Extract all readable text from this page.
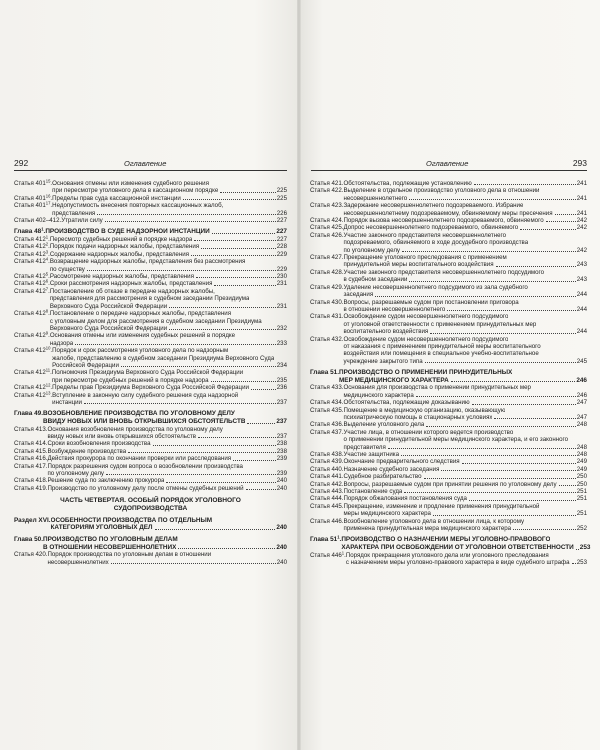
292	Оглавление
Статья $401^{15}$. Основания отмены или изменения судебного решения
при пересмотре уголовного дела в кассационном порядке	225
Статья $401^{16}$. Пределы прав суда кассационной инстанции	225
Статья $401^{17}$. Недопустимость внесения повторных кассационных жалоб,
представления	226
Статьи 402–412. Утратили силу	227
Глава $48^1$. ПРОИЗВОДСТВО В СУДЕ НАДЗОРНОЙ ИНСТАНЦИИ	227
Статья $412^1$. Пересмотр судебных решений в порядке надзора	227
Статья $412^2$. Порядок подачи надзорных жалобы, представления	228
Статья $412^3$. Содержание надзорных жалобы, представления	229
Статья $412^4$. Возвращение надзорных жалобы, представления без рассмотрения
по существу	229
Статья $412^5$. Рассмотрение надзорных жалобы, представления	230
Статья $412^6$. Сроки рассмотрения надзорных жалобы, представления	231
Статья $412^7$. Постановление об отказе в передаче надзорных жалобы,
представления для рассмотрения в судебном заседании Президиума
Верховного Суда Российской Федерации	231
Статья $412^8$. Постановление о передаче надзорных жалобы, представления
с уголовным делом для рассмотрения в судебном заседании Президиума
Верховного Суда Российской Федерации	232
Статья $412^9$. Основания отмены или изменения судебных решений в порядке
надзора	233
Статья $412^{10}$. Порядок и срок рассмотрения уголовного дела по надзорным
жалобе, представлению в судебном заседании Президиума Верховного Суда
Российской Федерации	234
Статья $412^{11}$. Полномочия Президиума Верховного Суда Российской Федерации
при пересмотре судебных решений в порядке надзора	235
Статья $412^{12}$. Пределы прав Президиума Верховного Суда Российской Федерации	236
Статья $412^{13}$. Вступление в законную силу судебного решения суда надзорной
инстанции	237
Глава 49. ВОЗОБНОВЛЕНИЕ ПРОИЗВОДСТВА ПО УГОЛОВНОМУ ДЕЛУ
ВВИДУ НОВЫХ ИЛИ ВНОВЬ ОТКРЫВШИХСЯ ОБСТОЯТЕЛЬСТВ	237
Статья 413. Основания возобновления производства по уголовному делу
ввиду новых или вновь открывшихся обстоятельств	237
Статья 414. Сроки возобновления производства	238
Статья 415. Возбуждение производства	238
Статья 416. Действия прокурора по окончании проверки или расследования	239
Статья 417. Порядок разрешения судом вопроса о возобновлении производства
по уголовному делу	239
Статья 418. Решение суда по заключению прокурора	240
Статья 419. Производство по уголовному делу после отмены судебных решений	240
ЧАСТЬ ЧЕТВЕРТАЯ. ОСОБЫЙ ПОРЯДОК УГОЛОВНОГО
СУДОПРОИЗВОДСТВА
Раздел XVI. ОСОБЕННОСТИ ПРОИЗВОДСТВА ПО ОТДЕЛЬНЫМ
КАТЕГОРИЯМ УГОЛОВНЫХ ДЕЛ	240
Глава 50. ПРОИЗВОДСТВО ПО УГОЛОВНЫМ ДЕЛАМ
В ОТНОШЕНИИ НЕСОВЕРШЕННОЛЕТНИХ	240
Статья 420. Порядок производства по уголовным делам в отношении
несовершеннолетних	240
Оглавление	293
Статья 421. Обстоятельства, подлежащие установлению	241
Статья 422. Выделение в отдельное производство уголовного дела в отношении
несовершеннолетнего	241
Статья 423. Задержание несовершеннолетнего подозреваемого. Избрание
несовершеннолетнему подозреваемому, обвиняемому меры пресечения	241
Статья 424. Порядок вызова несовершеннолетнего подозреваемого, обвиняемого	242
Статья 425. Допрос несовершеннолетнего подозреваемого, обвиняемого	242
Статья 426. Участие законного представителя несовершеннолетнего
подозреваемого, обвиняемого в ходе досудебного производства
по уголовному делу	242
Статья 427. Прекращение уголовного преследования с применением
принудительной меры воспитательного воздействия	243
Статья 428. Участие законного представителя несовершеннолетнего подсудимого
в судебном заседании	243
Статья 429. Удаление несовершеннолетнего подсудимого из зала судебного
заседания	244
Статья 430. Вопросы, разрешаемые судом при постановлении приговора
в отношении несовершеннолетнего	244
Статья 431. Освобождение судом несовершеннолетнего подсудимого
от уголовной ответственности с применением принудительных мер
воспитательного воздействия	244
Статья 432. Освобождение судом несовершеннолетнего подсудимого
от наказания с применением принудительной меры воспитательного
воздействия или помещения в специальное учебно-воспитательное
учреждение закрытого типа	245
Глава 51. ПРОИЗВОДСТВО О ПРИМЕНЕНИИ ПРИНУДИТЕЛЬНЫХ
МЕР МЕДИЦИНСКОГО ХАРАКТЕРА	246
Статья 433. Основания для производства о применении принудительных мер
медицинского характера	246
Статья 434. Обстоятельства, подлежащие доказыванию	247
Статья 435. Помещение в медицинскую организацию, оказывающую
психиатрическую помощь в стационарных условиях	247
Статья 436. Выделение уголовного дела	248
Статья 437. Участие лица, в отношении которого ведется производство
о применении принудительной меры медицинского характера, и его законного
представителя	248
Статья 438. Участие защитника	248
Статья 439. Окончание предварительного следствия	249
Статья 440. Назначение судебного заседания	249
Статья 441. Судебное разбирательство	250
Статья 442. Вопросы, разрешаемые судом при принятии решения по уголовному делу	250
Статья 443. Постановление суда	251
Статья 444. Порядок обжалования постановления суда	251
Статья 445. Прекращение, изменение и продление применения принудительной
меры медицинского характера	251
Статья 446. Возобновление уголовного дела в отношении лица, к которому
применена принудительная мера медицинского характера	252
Глава $51^1$. ПРОИЗВОДСТВО О НАЗНАЧЕНИИ МЕРЫ УГОЛОВНО-ПРАВОВОГО
ХАРАКТЕРА ПРИ ОСВОБОЖДЕНИИ ОТ УГОЛОВНОЙ ОТВЕТСТВЕННОСТИ 253
Статья $446^1$. Порядок прекращения уголовного дела или уголовного преследования
с назначением меры уголовно-правового характера в виде судебного штрафа 253
